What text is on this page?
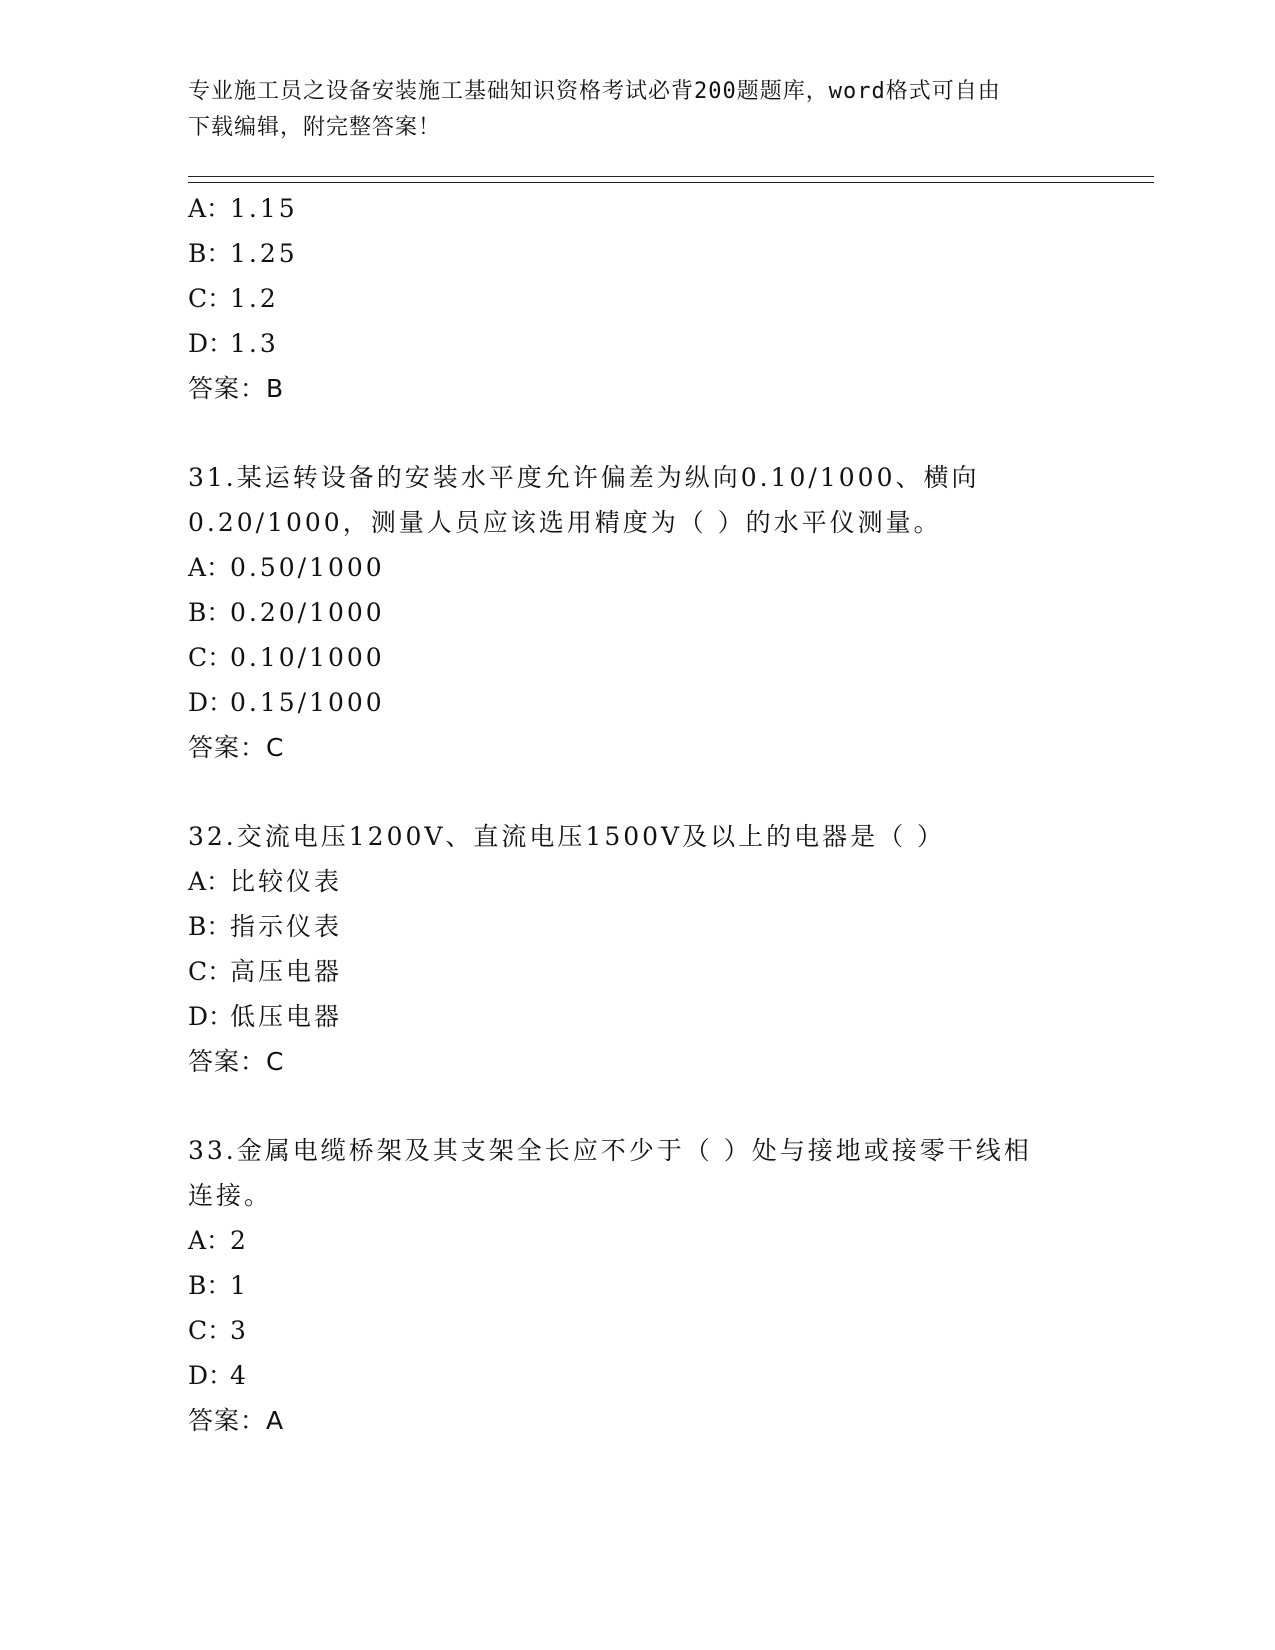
专业施工员之设备安装施工基础知识资格考试必背200题题库，word格式可自由
下载编辑，附完整答案！
A：1.15
B：1.25
C：1.2
D：1.3
答案：B
31.某运转设备的安装水平度允许偏差为纵向0.10/1000、横向
0.20/1000，测量人员应该选用精度为（ ）的水平仪测量。
A：0.50/1000
B：0.20/1000
C：0.10/1000
D：0.15/1000
答案：C
32.交流电压1200V、直流电压1500V及以上的电器是（ ）
A：比较仪表
B：指示仪表
C：高压电器
D：低压电器
答案：C
33.金属电缆桥架及其支架全长应不少于（ ）处与接地或接零干线相
连接。
A：2
B：1
C：3
D：4
答案：A
